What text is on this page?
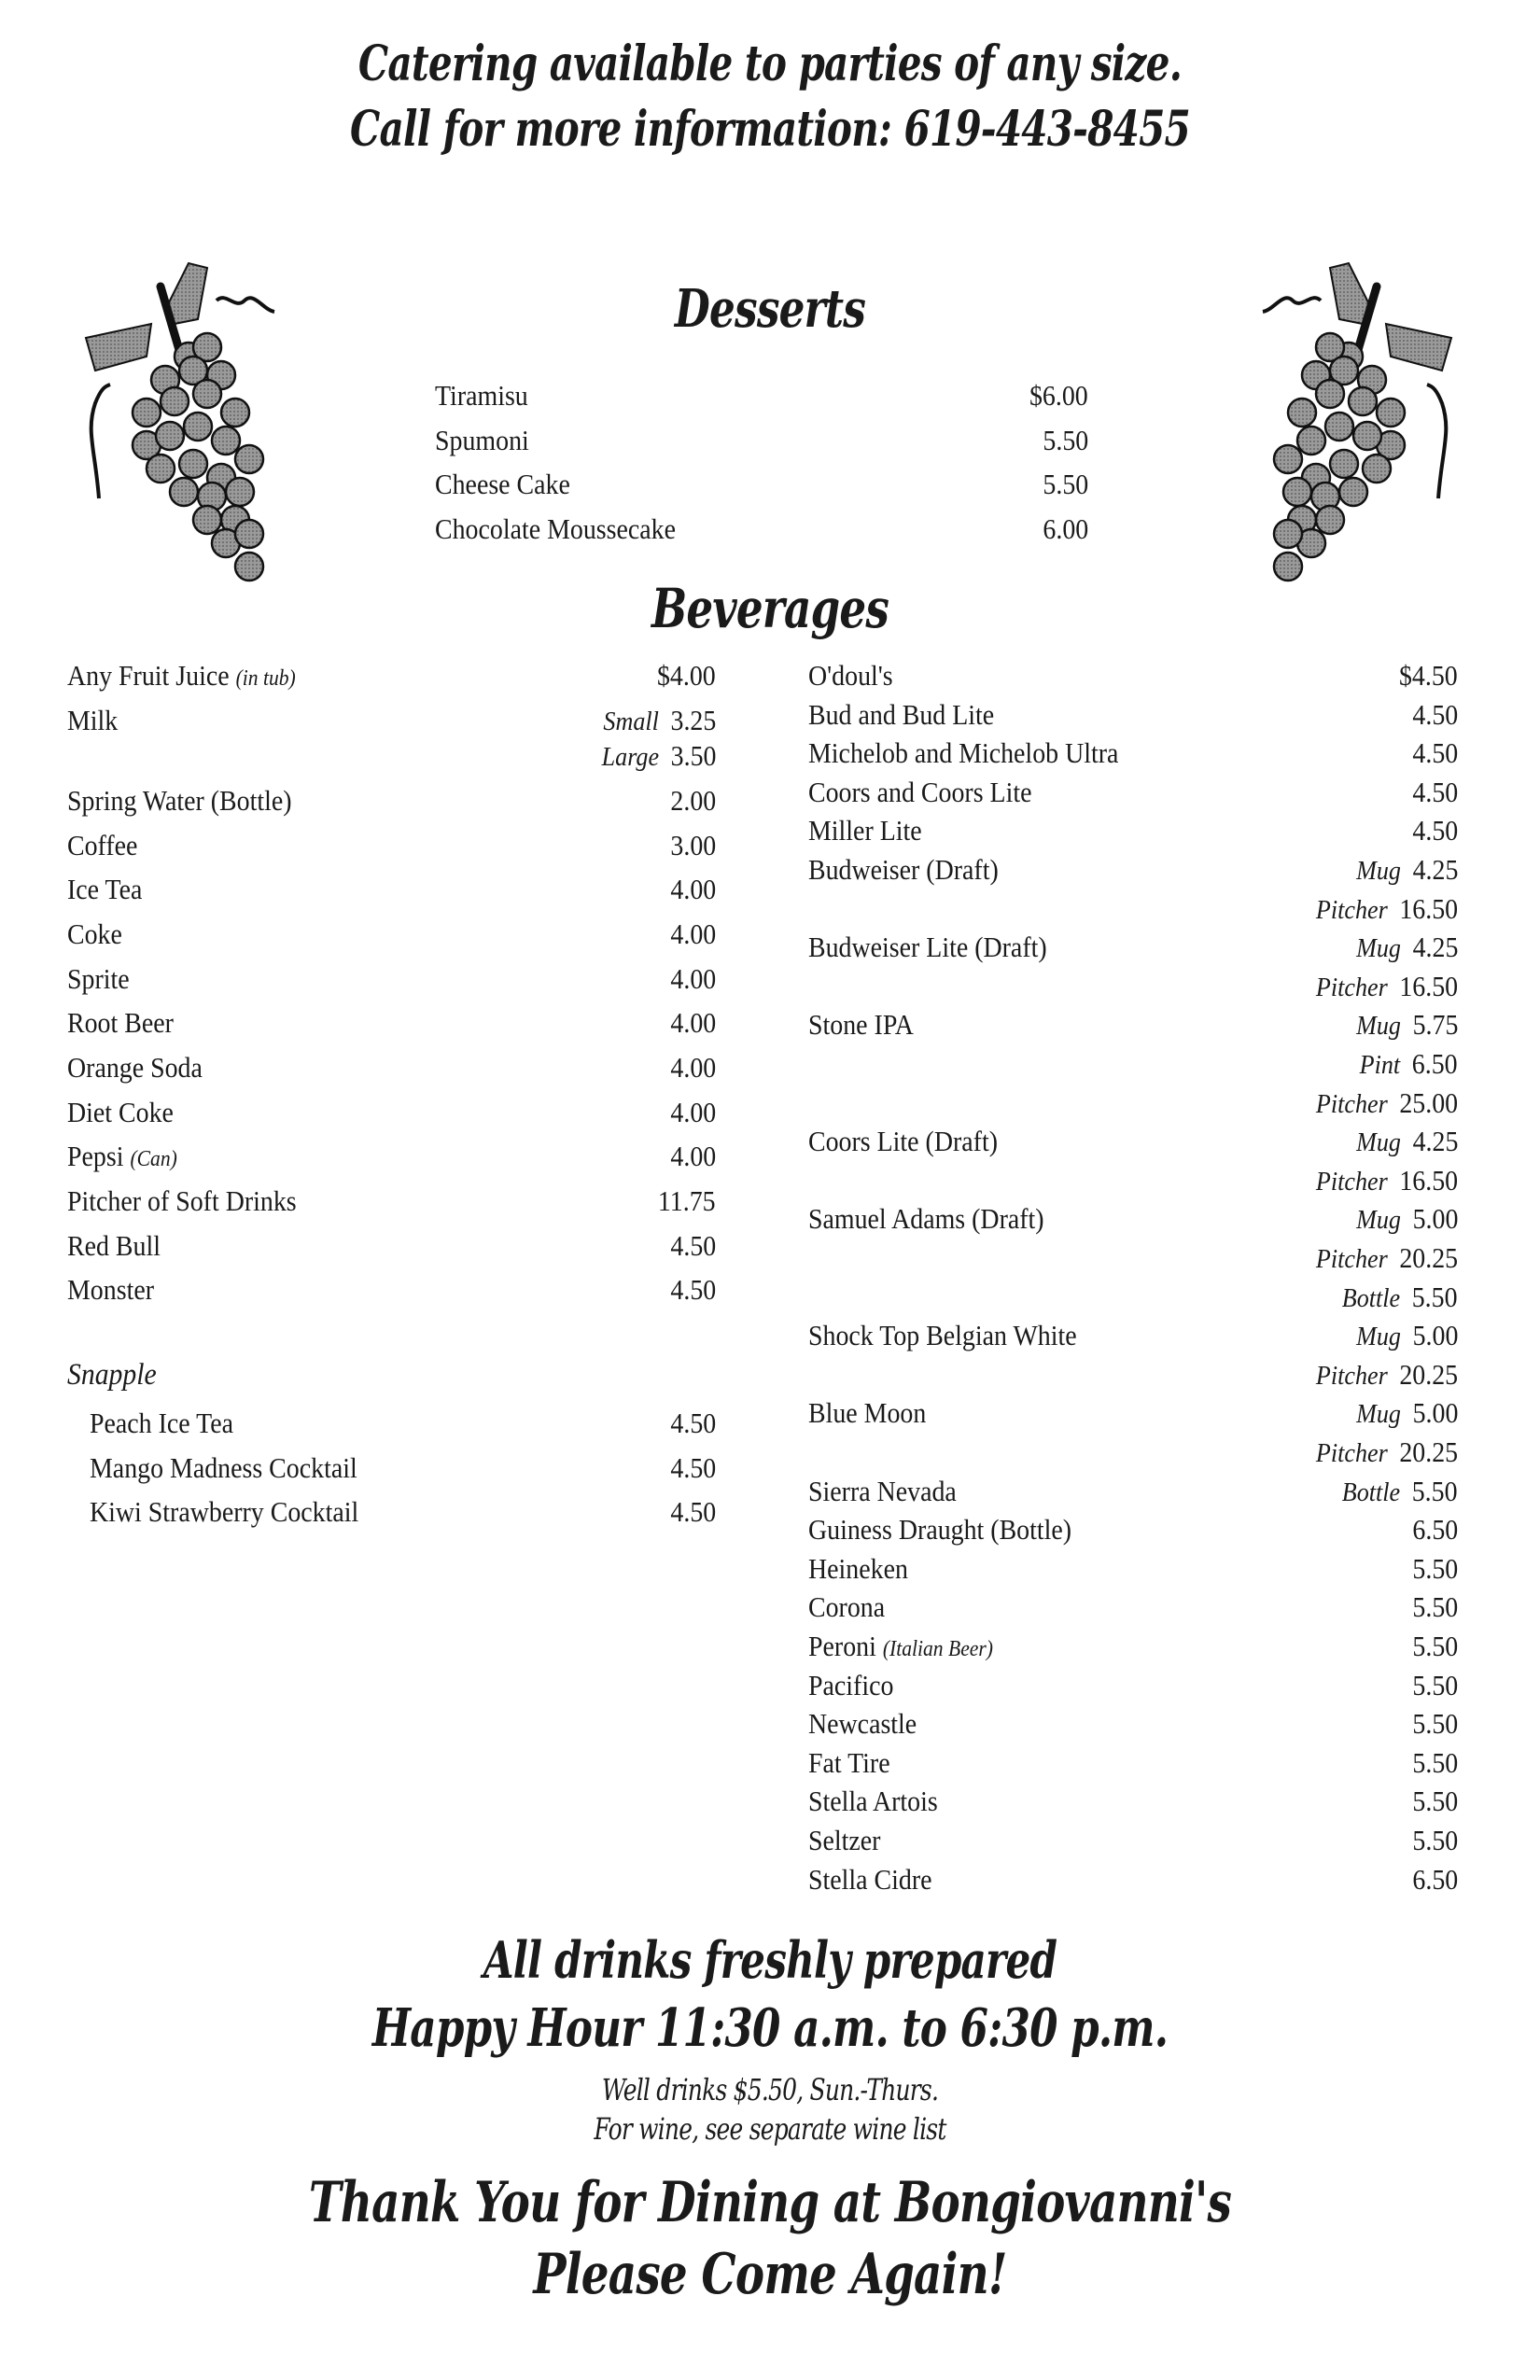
Catering available to parties of any size.
Call for more information: 619-443-8455
Desserts
Tiramisu	$6.00
Spumoni	5.50
Cheese Cake	5.50
Chocolate Moussecake	6.00
Beverages
Any Fruit Juice (in tub)	$4.00
Milk	Small 3.25
Large 3.50
Spring Water (Bottle)	2.00
Coffee	3.00
Ice Tea	4.00
Coke	4.00
Sprite	4.00
Root Beer	4.00
Orange Soda	4.00
Diet Coke	4.00
Pepsi (Can)	4.00
Pitcher of Soft Drinks	11.75
Red Bull	4.50
Monster	4.50
Snapple
Peach Ice Tea	4.50
Mango Madness Cocktail	4.50
Kiwi Strawberry Cocktail	4.50
O'doul's	$4.50
Bud and Bud Lite	4.50
Michelob and Michelob Ultra	4.50
Coors and Coors Lite	4.50
Miller Lite	4.50
Budweiser (Draft)	Mug 4.25
Pitcher 16.50
Budweiser Lite (Draft)	Mug 4.25
Pitcher 16.50
Stone IPA	Mug 5.75
Pint 6.50
Pitcher 25.00
Coors Lite (Draft)	Mug 4.25
Pitcher 16.50
Samuel Adams (Draft)	Mug 5.00
Pitcher 20.25
Bottle 5.50
Shock Top Belgian White	Mug 5.00
Pitcher 20.25
Blue Moon	Mug 5.00
Pitcher 20.25
Sierra Nevada	Bottle 5.50
Guiness Draught (Bottle)	6.50
Heineken	5.50
Corona	5.50
Peroni (Italian Beer)	5.50
Pacifico	5.50
Newcastle	5.50
Fat Tire	5.50
Stella Artois	5.50
Seltzer	5.50
Stella Cidre	6.50
All drinks freshly prepared
Happy Hour 11:30 a.m. to 6:30 p.m.
Well drinks $5.50, Sun.-Thurs.
For wine, see separate wine list
Thank You for Dining at Bongiovanni's
Please Come Again!
